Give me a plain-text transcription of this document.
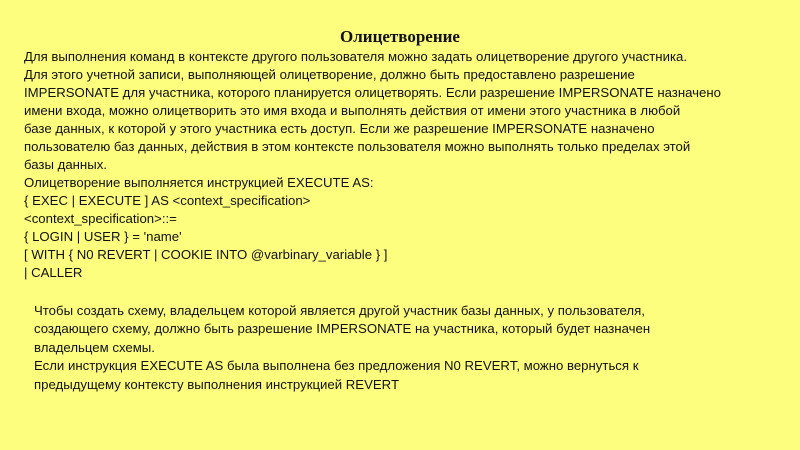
Олицетворение
Для выполнения команд в контексте другого пользователя можно задать олицетворение другого участника.
Для этого учетной записи, выполняющей олицетворение, должно быть предоставлено разрешение
IMPERSONATE для участника, которого планируется олицетворять. Если разрешение IMPERSONATE назначено
имени входа, можно олицетворить это имя входа и выполнять действия от имени этого участника в любой
базе данных, к которой у этого участника есть доступ. Если же разрешение IMPERSONATE назначено
пользователю баз данных, действия в этом контексте пользователя можно выполнять только пределах этой
базы данных.
Олицетворение выполняется инструкцией EXECUTE AS:
{ EXEC | EXECUTE ] AS <context_specification>
<context_specification>::=
{ LOGIN | USER } = 'name'
[ WITH { N0 REVERT | COOKIE INTO @varbinary_variable } ]
| CALLER
Чтобы создать схему, владельцем которой является другой участник базы данных, у пользователя,
создающего схему, должно быть разрешение IMPERSONATE на участника, который будет назначен
владельцем схемы.
Если инструкция EXECUTE AS была выполнена без предложения N0 REVERT, можно вернуться к
предыдущему контексту выполнения инструкцией REVERT
